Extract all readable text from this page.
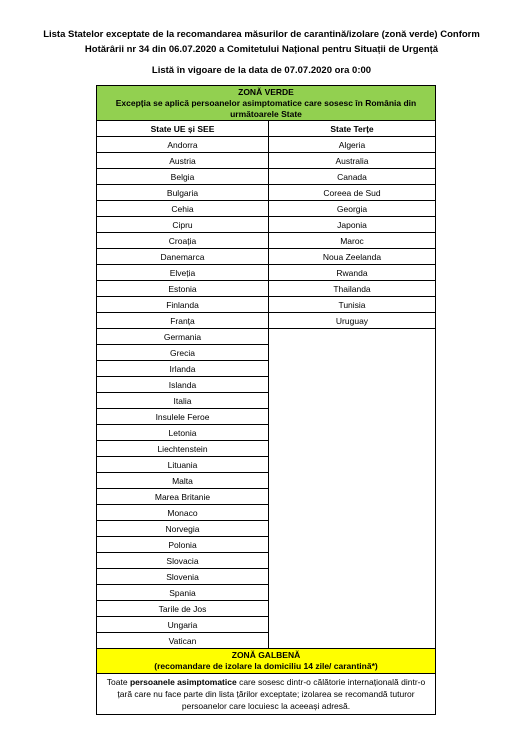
Lista Statelor exceptate de la recomandarea măsurilor de carantină/izolare (zonă verde) Conform
Hotărârii nr 34 din 06.07.2020 a Comitetului Național pentru Situații de Urgență
Listă în vigoare de la data de 07.07.2020 ora 0:00
ZONĂ VERDE
Excepția se aplică persoanelor asimptomatice care sosesc în România din
următoarele State	

State UE și SEE	State Terțe
Andorra	Algeria
Austria	Australia
Belgia	Canada
Bulgaria	Coreea de Sud
Cehia	Georgia
Cipru	Japonia
Croația	Maroc
Danemarca	Noua Zeelanda
Elveția	Rwanda
Estonia	Thailanda
Finlanda	Tunisia
Franța	Uruguay
Germania	
Grecia	
Irlanda	
Islanda	
Italia	
Insulele Feroe	
Letonia	
Liechtenstein	
Lituania	
Malta	
Marea Britanie	
Monaco	
Norvegia	
Polonia	
Slovacia	
Slovenia	
Spania	
Tarile de Jos	
Ungaria	
Vatican	

ZONĂ GALBENĂ
(recomandare de izolare la domiciliu 14 zile/ carantină*)	

Toate persoanele asimptomatice care sosesc dintr-o călătorie internațională dintr-o țară care nu face parte din lista țărilor exceptate; izolarea se recomandă tuturor persoanelor care locuiesc la aceeași adresă.	
